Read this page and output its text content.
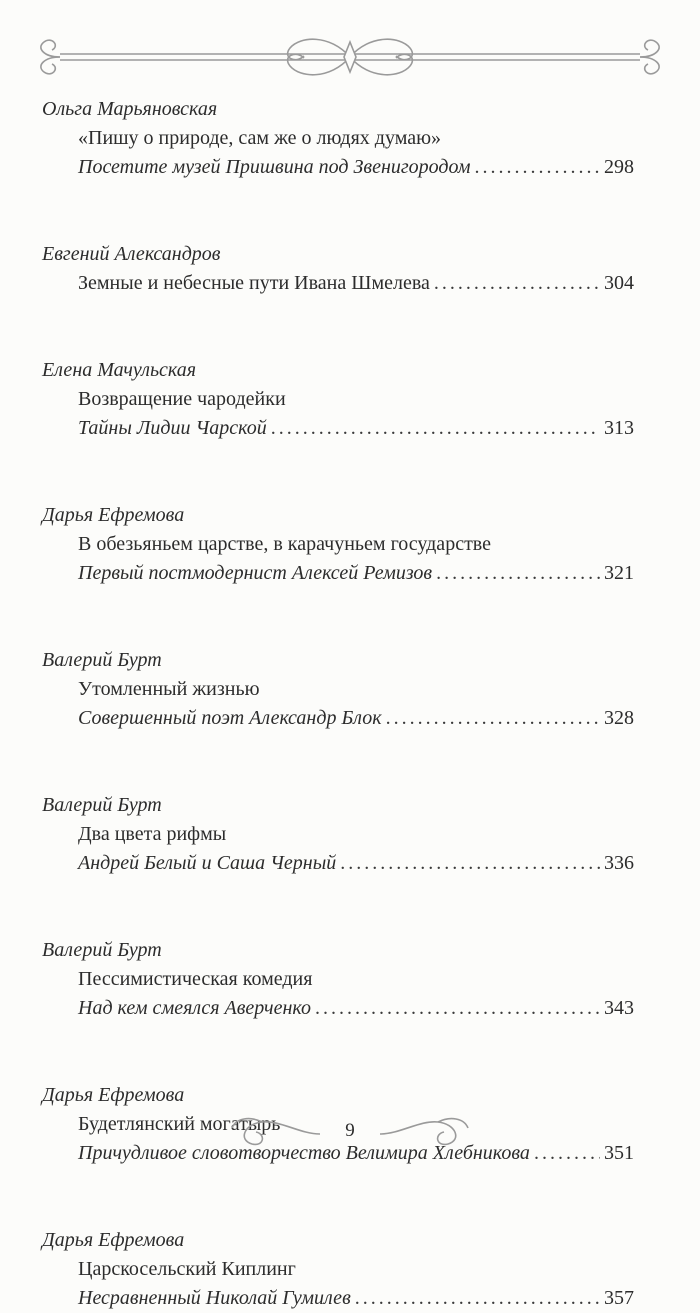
Ольга Марьяновская
«Пишу о природе, сам же о людях думаю»
Посетите музей Пришвина под Звенигородом . . .	298
Евгений Александров
Земные и небесные пути Ивана Шмелева . . .	304
Елена Мачульская
Возвращение чародейки
Тайны Лидии Чарской . . .	313
Дарья Ефремова
В обезьяньем царстве, в карачуньем государстве
Первый постмодернист Алексей Ремизов . . .	321
Валерий Бурт
Утомленный жизнью
Совершенный поэт Александр Блок . . .	328
Валерий Бурт
Два цвета рифмы
Андрей Белый и Саша Черный . . .	336
Валерий Бурт
Пессимистическая комедия
Над кем смеялся Аверченко . . .	343
Дарья Ефремова
Будетлянский могатырь
Причудливое словотворчество Велимира Хлебникова . . .	351
Дарья Ефремова
Царскосельский Киплинг
Несравненный Николай Гумилев . . .	357
9
